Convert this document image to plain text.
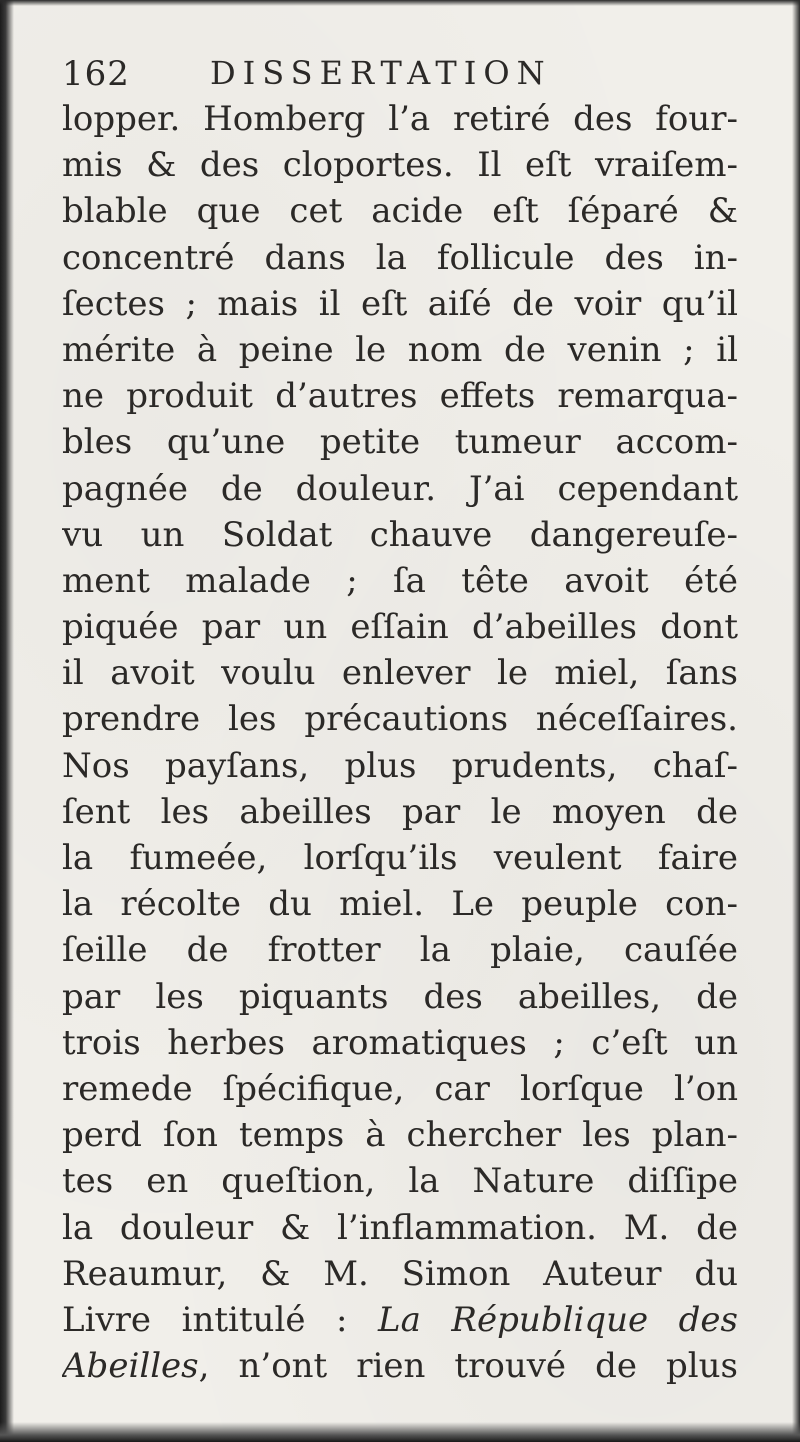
162	DISSERTATION
lopper. Homberg l’a retiré des four-
mis & des cloportes. Il eſt vraiſem-
blable que cet acide eſt ſéparé &
concentré dans la follicule des in-
ſectes ; mais il eſt aiſé de voir qu’il
mérite à peine le nom de venin ; il
ne produit d’autres effets remarqua-
bles qu’une petite tumeur accom-
pagnée de douleur. J’ai cependant
vu un Soldat chauve dangereuſe-
ment malade ; ſa tête avoit été
piquée par un eſſain d’abeilles dont
il avoit voulu enlever le miel, ſans
prendre les précautions néceſſaires.
Nos payſans, plus prudents, chaſ-
ſent les abeilles par le moyen de
la fumeée, lorſqu’ils veulent faire
la récolte du miel. Le peuple con-
ſeille de frotter la plaie, cauſée
par les piquants des abeilles, de
trois herbes aromatiques ; c’eſt un
remede ſpécifique, car lorſque l’on
perd ſon temps à chercher les plan-
tes en queſtion, la Nature diſſipe
la douleur & l’inflammation. M. de
Reaumur, & M. Simon Auteur du
Livre intitulé : La République des
Abeilles, n’ont rien trouvé de plus
